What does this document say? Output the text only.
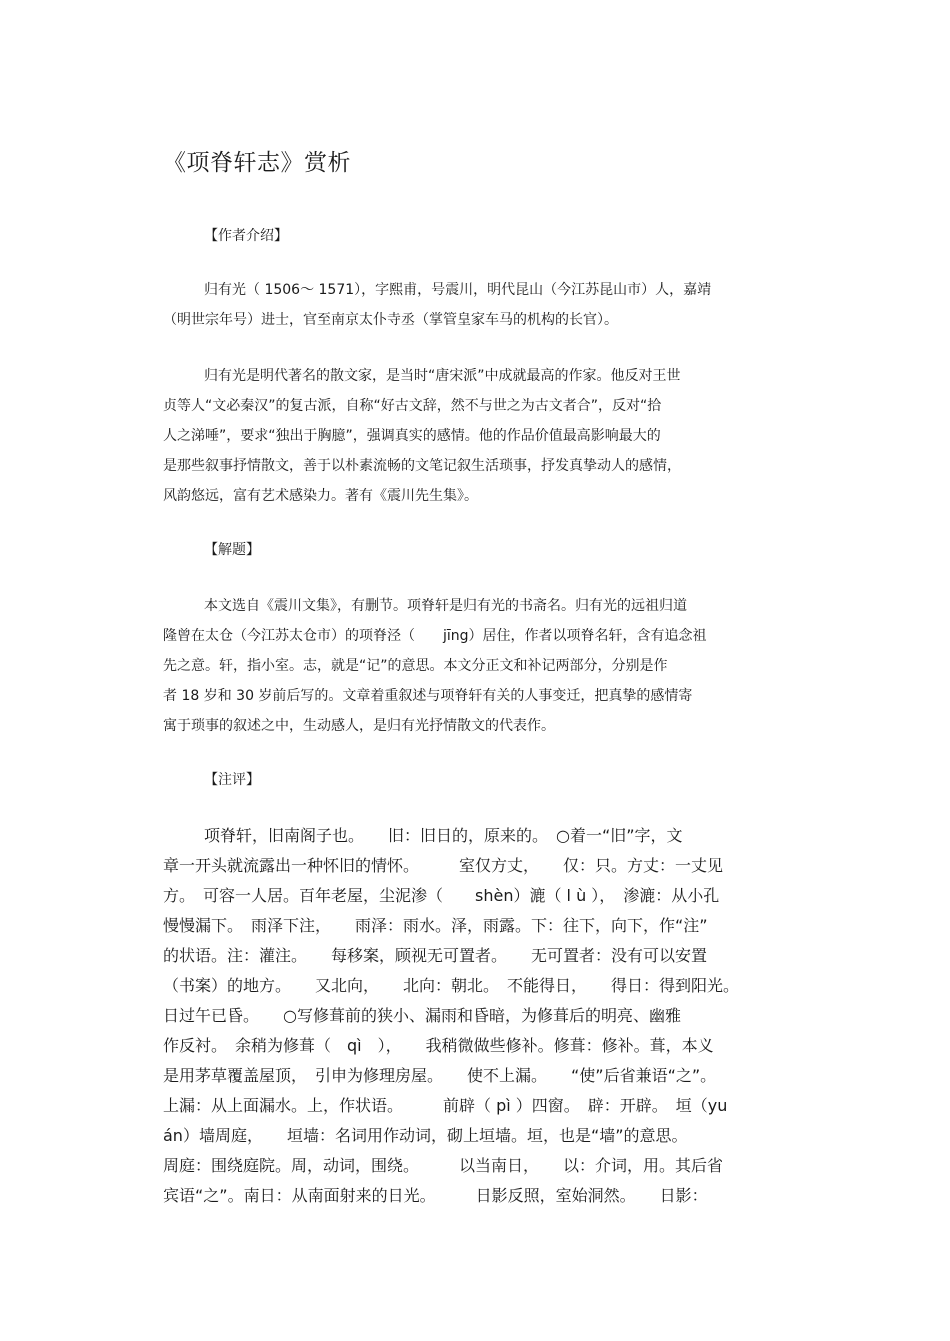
《项脊轩志》赏析
【作者介绍】
归有光（ 1506～ 1571），字熙甫，号震川，明代昆山（今江苏昆山市）人，嘉靖
（明世宗年号）进士，官至南京太仆寺丞（掌管皇家车马的机构的长官）。
归有光是明代著名的散文家，是当时“唐宋派”中成就最高的作家。他反对王世
贞等人“文必秦汉”的复古派，自称“好古文辞，然不与世之为古文者合”，反对“拾
人之涕唾”，要求“独出于胸臆”，强调真实的感情。他的作品价值最高影响最大的
是那些叙事抒情散文，善于以朴素流畅的文笔记叙生活琐事，抒发真挚动人的感情，
风韵悠远，富有艺术感染力。著有《震川先生集》。
【解题】
本文选自《震川文集》，有删节。项脊轩是归有光的书斋名。归有光的远祖归道
隆曾在太仓（今江苏太仓市）的项脊泾（　　jīng）居住，作者以项脊名轩，含有追念祖
先之意。轩，指小室。志，就是“记”的意思。本文分正文和补记两部分，分别是作
者 18 岁和 30 岁前后写的。文章着重叙述与项脊轩有关的人事变迁，把真挚的感情寄
寓于琐事的叙述之中，生动感人，是归有光抒情散文的代表作。
【注评】
项脊轩，旧南阁子也。　　旧：旧日的，原来的。　○着一“旧”字，文
章一开头就流露出一种怀旧的情怀。　　　室仅方丈，　　仅：只。方丈：一丈见
方。　可容一人居。百年老屋，尘泥渗（　　shèn）漉（ l ù ），　渗漉：从小孔
慢慢漏下。　雨泽下注，　　雨泽：雨水。泽，雨露。下：往下，向下，作“注”
的状语。注：灌注。　　每移案，顾视无可置者。　　无可置者：没有可以安置
（书案）的地方。　　又北向，　　北向：朝北。　不能得日，　　得日：得到阳光。
日过午已昏。　　○写修葺前的狭小、漏雨和昏暗，为修葺后的明亮、幽雅
作反衬。　余稍为修葺（　qì　），　　我稍微做些修补。修葺：修补。葺，本义
是用茅草覆盖屋顶，　引申为修理房屋。　　使不上漏。　　“使”后省兼语“之”。
上漏：从上面漏水。上，作状语。　　　前辟（ pì ）四窗。　辟：开辟。　垣（yu
án）墙周庭，　　垣墙：名词用作动词，砌上垣墙。垣，也是“墙”的意思。
周庭：围绕庭院。周，动词，围绕。　　　以当南日，　　以：介词，用。其后省
宾语“之”。南日：从南面射来的日光。　　　日影反照，室始洞然。　　日影：
